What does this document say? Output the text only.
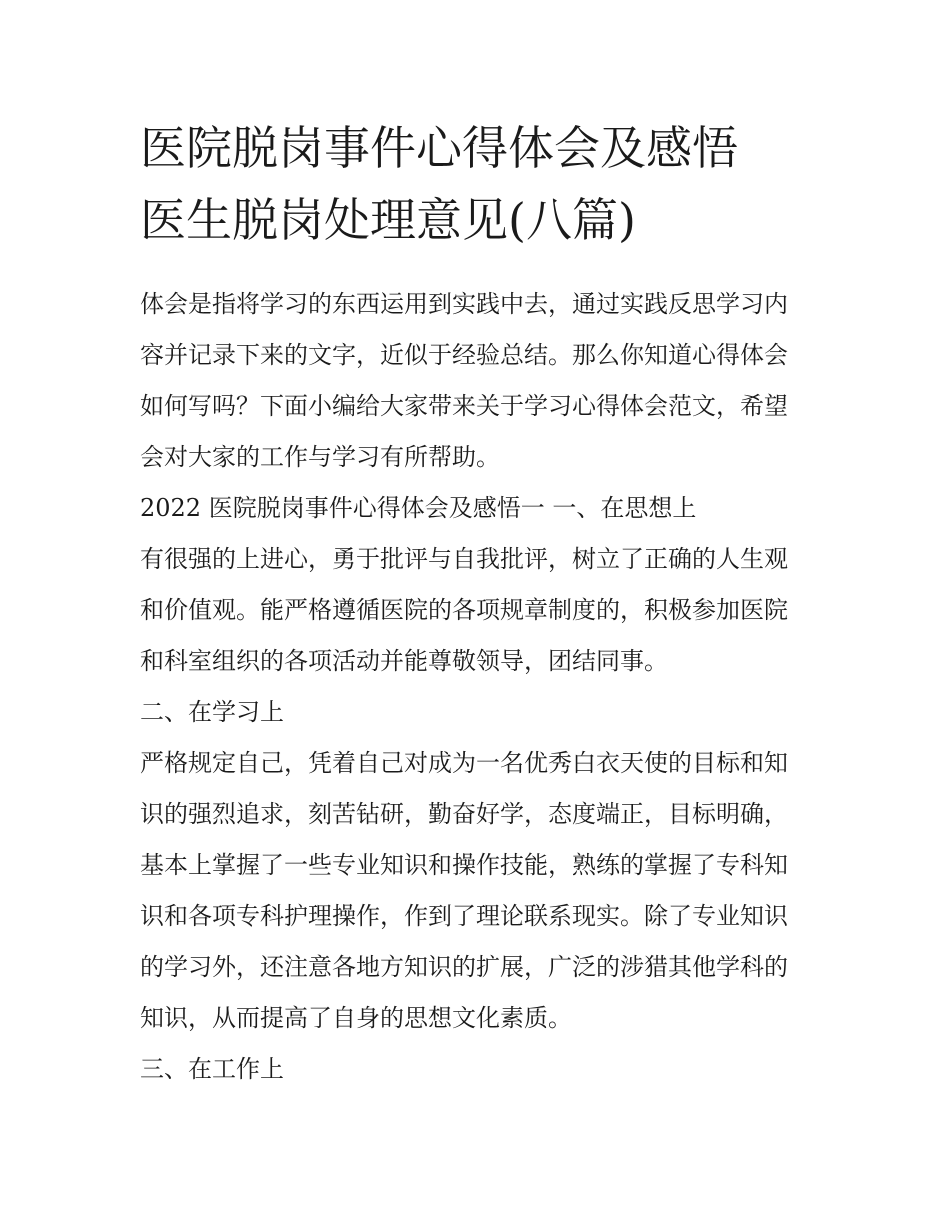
医院脱岗事件心得体会及感悟
医生脱岗处理意见(八篇)

体会是指将学习的东西运用到实践中去，通过实践反思学习内
容并记录下来的文字，近似于经验总结。那么你知道心得体会
如何写吗？下面小编给大家带来关于学习心得体会范文，希望
会对大家的工作与学习有所帮助。

2022 医院脱岗事件心得体会及感悟一 一、在思想上

有很强的上进心，勇于批评与自我批评，树立了正确的人生观
和价值观。能严格遵循医院的各项规章制度的，积极参加医院
和科室组织的各项活动并能尊敬领导，团结同事。

二、在学习上

严格规定自己，凭着自己对成为一名优秀白衣天使的目标和知
识的强烈追求，刻苦钻研，勤奋好学，态度端正，目标明确，
基本上掌握了一些专业知识和操作技能，熟练的掌握了专科知
识和各项专科护理操作，作到了理论联系现实。除了专业知识
的学习外，还注意各地方知识的扩展，广泛的涉猎其他学科的
知识，从而提高了自身的思想文化素质。

三、在工作上
